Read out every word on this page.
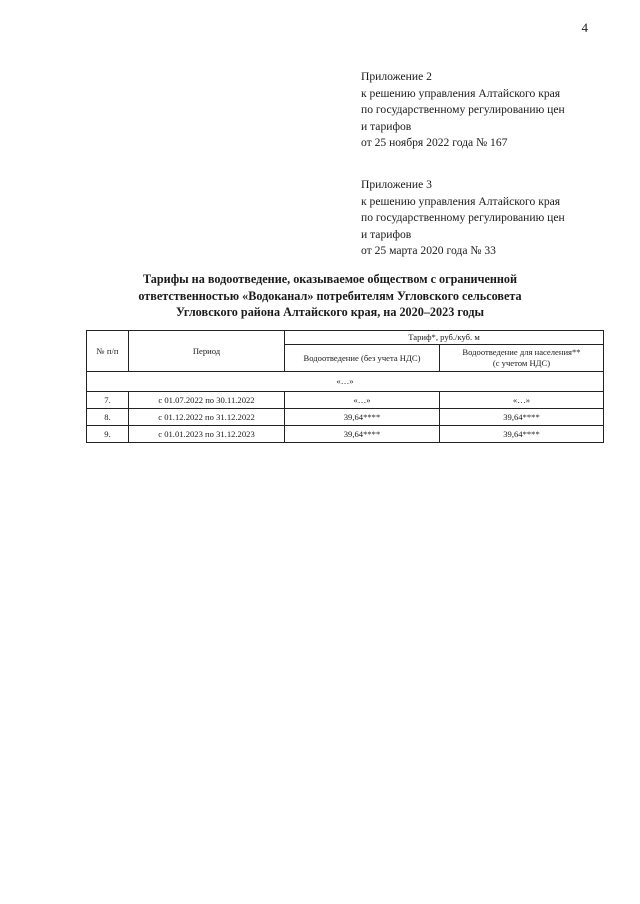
4
Приложение 2
к решению управления Алтайского края
по государственному регулированию цен
и тарифов
от 25 ноября 2022 года № 167
Приложение 3
к решению управления Алтайского края
по государственному регулированию цен
и тарифов
от 25 марта 2020 года № 33
Тарифы на водоотведение, оказываемое обществом с ограниченной
ответственностью «Водоканал» потребителям Угловского сельсовета
Угловского района Алтайского края, на 2020–2023 годы
№ п/п	Период	Тариф*, руб./куб. м	
		Водоотведение (без учета НДС)	Водоотведение для населения**
(с учетом НДС)

«…»			
7.	с 01.07.2022 по 30.11.2022	«…»	«…»
8.	с 01.12.2022 по 31.12.2022	39,64****	39,64****
9.	с 01.01.2023 по 31.12.2023	39,64****	39,64****
